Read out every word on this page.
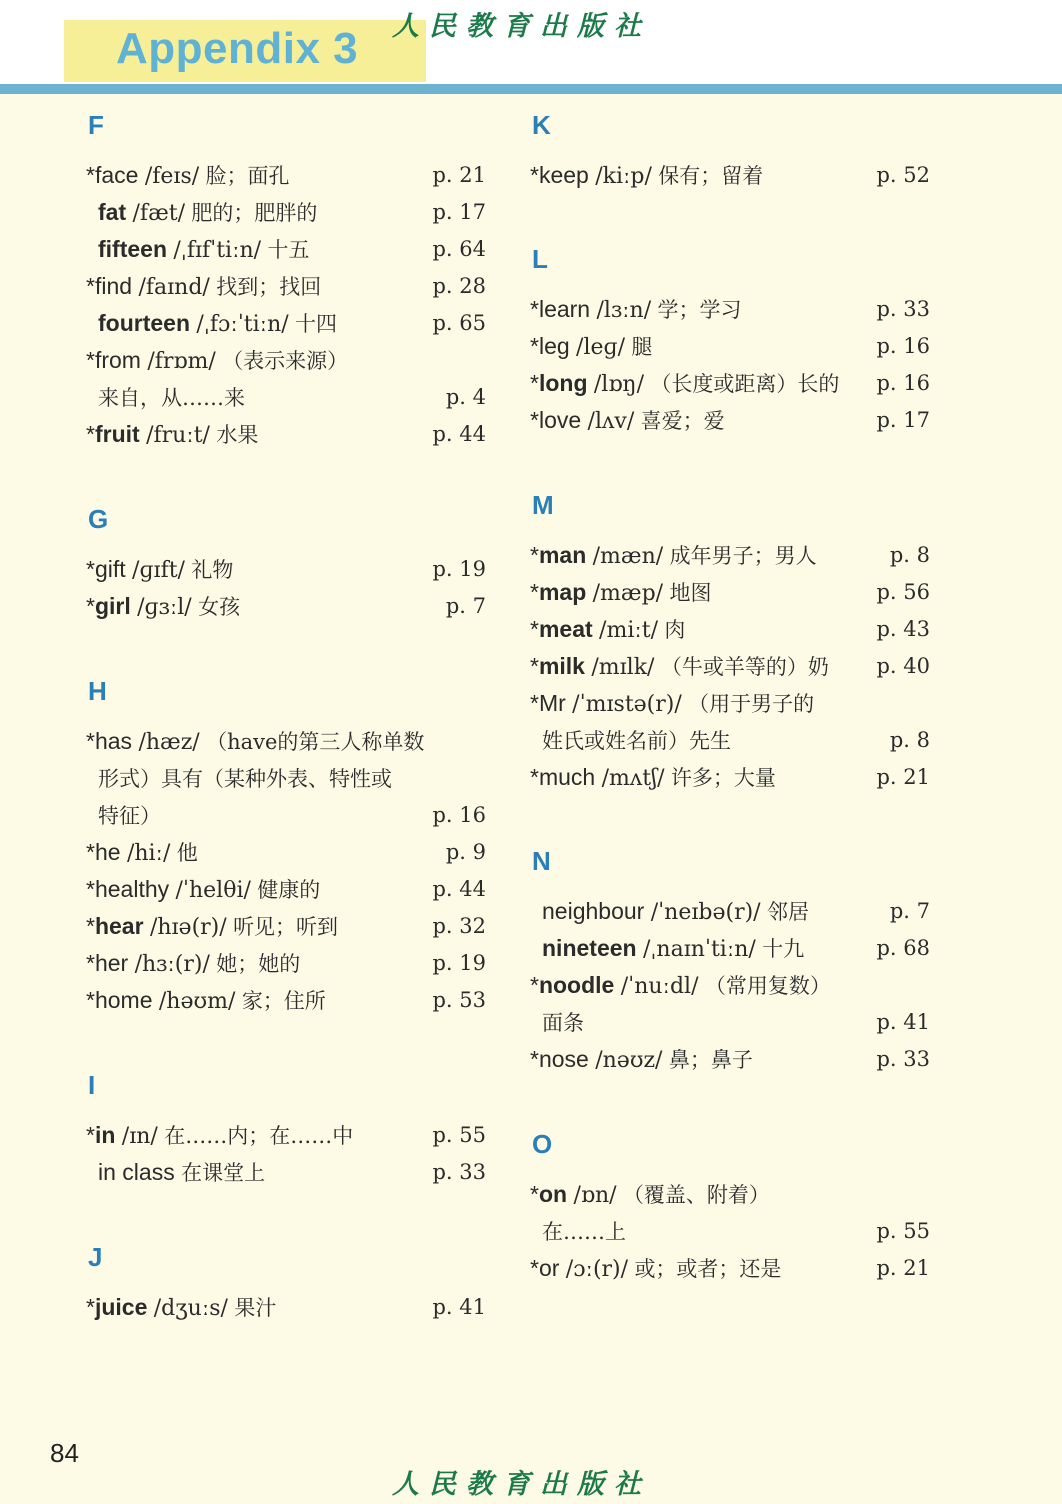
Appendix 3 人民教育出版社
F
*face /feɪs/ 脸；面孔	p. 21
fat /fæt/ 肥的；肥胖的	p. 17
fifteen /ˌfɪfˈtiːn/ 十五	p. 64
*find /faɪnd/ 找到；找回	p. 28
fourteen /ˌfɔːˈtiːn/ 十四	p. 65
*from /frɒm/ （表示来源）
来自，从……来	p. 4
*fruit /fruːt/ 水果	p. 44
G
*gift /ɡɪft/ 礼物	p. 19
*girl /ɡɜːl/ 女孩	p. 7
H
*has /hæz/ （have的第三人称单数
形式）具有（某种外表、特性或
特征）	p. 16
*he /hiː/ 他	p. 9
*healthy /ˈhelθi/ 健康的	p. 44
*hear /hɪə(r)/ 听见；听到	p. 32
*her /hɜː(r)/ 她；她的	p. 19
*home /həʊm/ 家；住所	p. 53
I
*in /ɪn/ 在……内；在……中	p. 55
in class 在课堂上	p. 33
J
*juice /dʒuːs/ 果汁	p. 41
K
*keep /kiːp/ 保有；留着	p. 52
L
*learn /lɜːn/ 学；学习	p. 33
*leg /leɡ/ 腿	p. 16
*long /lɒŋ/ （长度或距离）长的 p. 16
*love /lʌv/ 喜爱；爱	p. 17
M
*man /mæn/ 成年男子；男人	p. 8
*map /mæp/ 地图	p. 56
*meat /miːt/ 肉	p. 43
*milk /mɪlk/ （牛或羊等的）奶 p. 40
*Mr /ˈmɪstə(r)/ （用于男子的
姓氏或姓名前）先生	p. 8
*much /mʌtʃ/ 许多；大量	p. 21
N
neighbour /ˈneɪbə(r)/ 邻居	p. 7
nineteen /ˌnaɪnˈtiːn/ 十九	p. 68
*noodle /ˈnuːdl/ （常用复数）
面条	p. 41
*nose /nəʊz/ 鼻；鼻子	p. 33
O
*on /ɒn/ （覆盖、附着）
在……上	p. 55
*or /ɔː(r)/ 或；或者；还是	p. 21
84
人民教育出版社
